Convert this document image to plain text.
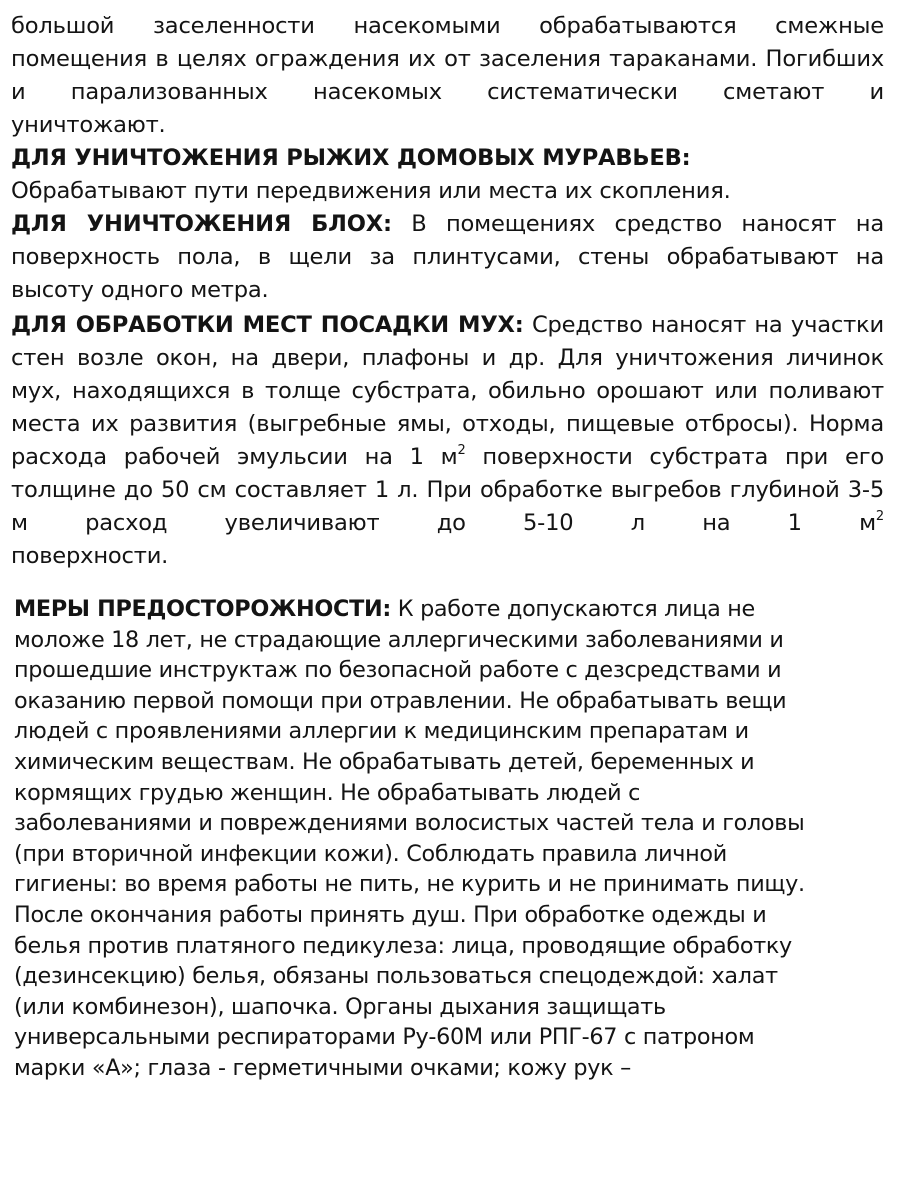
большой заселенности насекомыми обрабатываются смежные помещения в целях ограждения их от заселения тараканами. Погибших и парализованных насекомых систематически сметают и

уничтожают.

ДЛЯ УНИЧТОЖЕНИЯ РЫЖИХ ДОМОВЫХ МУРАВЬЕВ:

Обрабатывают пути передвижения или места их скопления.

ДЛЯ УНИЧТОЖЕНИЯ БЛОХ: В помещениях средство наносят на поверхность пола, в щели за плинтусами, стены обрабатывают на высоту одного метра.

ДЛЯ ОБРАБОТКИ МЕСТ ПОСАДКИ МУХ: Средство наносят на участки стен возле окон, на двери, плафоны и др. Для уничтожения личинок мух, находящихся в толще субстрата, обильно орошают или поливают места их развития (выгребные ямы, отходы, пищевые отбросы). Норма расхода рабочей эмульсии на 1 $м^2$ поверхности субстрата при его толщине до 50 см составляет 1 л. При обработке выгребов глубиной 3-5 м расход увеличивают до 5-10 л на 1 $м^2$

поверхности.

МЕРЫ ПРЕДОСТОРОЖНОСТИ: К работе допускаются лица не
моложе 18 лет, не страдающие аллергическими заболеваниями и
прошедшие инструктаж по безопасной работе с дезсредствами и
оказанию первой помощи при отравлении. Не обрабатывать вещи
людей с проявлениями аллергии к медицинским препаратам и
химическим веществам. Не обрабатывать детей, беременных и
кормящих грудью женщин. Не обрабатывать людей с
заболеваниями и повреждениями волосистых частей тела и головы
(при вторичной инфекции кожи). Соблюдать правила личной
гигиены: во время работы не пить, не курить и не принимать пищу.
После окончания работы принять душ. При обработке одежды и
белья против платяного педикулеза: лица, проводящие обработку
(дезинсекцию) белья, обязаны пользоваться спецодеждой: халат
(или комбинезон), шапочка. Органы дыхания защищать
универсальными респираторами Ру-60М или РПГ-67 с патроном
марки «А»; глаза - герметичными очками; кожу рук –
